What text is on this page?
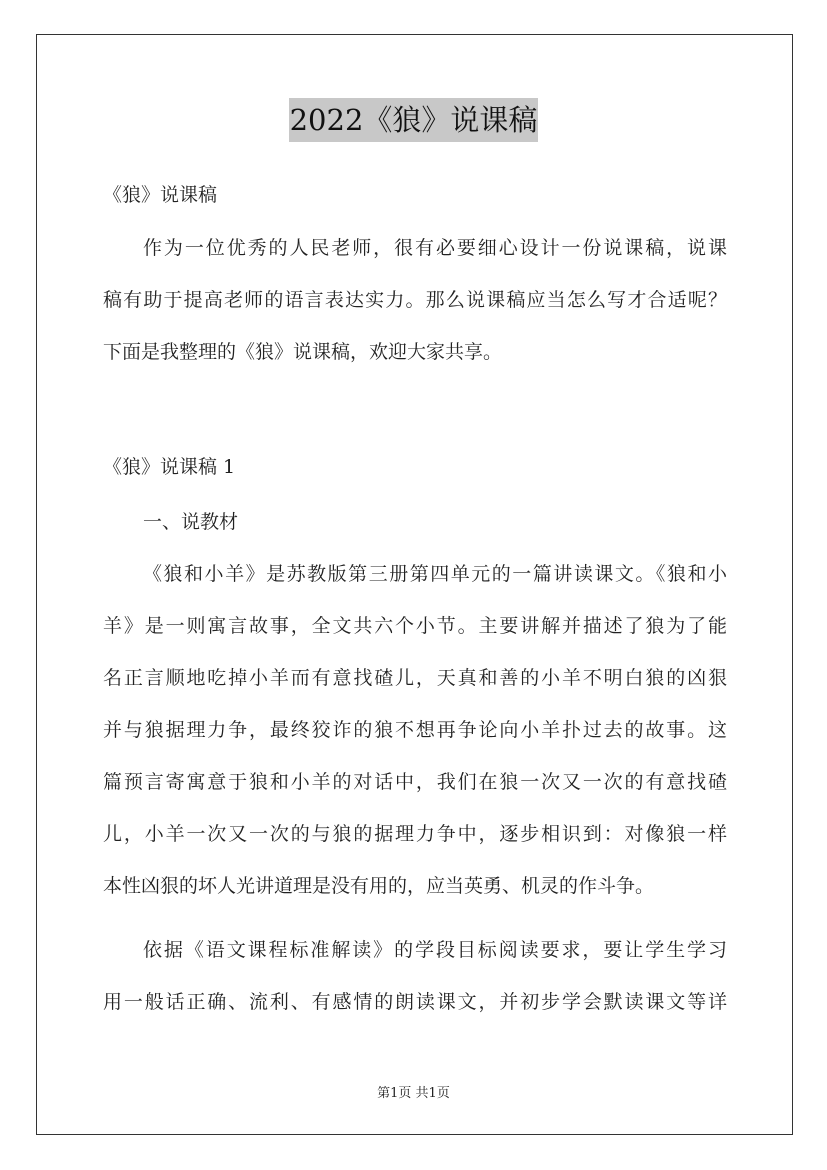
2022《狼》说课稿
《狼》说课稿
作为一位优秀的人民老师，很有必要细心设计一份说课稿，说课
稿有助于提高老师的语言表达实力。那么说课稿应当怎么写才合适呢？
下面是我整理的《狼》说课稿，欢迎大家共享。
《狼》说课稿 1
一、说教材
《狼和小羊》是苏教版第三册第四单元的一篇讲读课文。《狼和小
羊》是一则寓言故事，全文共六个小节。主要讲解并描述了狼为了能
名正言顺地吃掉小羊而有意找碴儿，天真和善的小羊不明白狼的凶狠
并与狼据理力争，最终狡诈的狼不想再争论向小羊扑过去的故事。这
篇预言寄寓意于狼和小羊的对话中，我们在狼一次又一次的有意找碴
儿，小羊一次又一次的与狼的据理力争中，逐步相识到：对像狼一样
本性凶狠的坏人光讲道理是没有用的，应当英勇、机灵的作斗争。
依据《语文课程标准解读》的学段目标阅读要求，要让学生学习
用一般话正确、流利、有感情的朗读课文，并初步学会默读课文等详
第1页 共1页
